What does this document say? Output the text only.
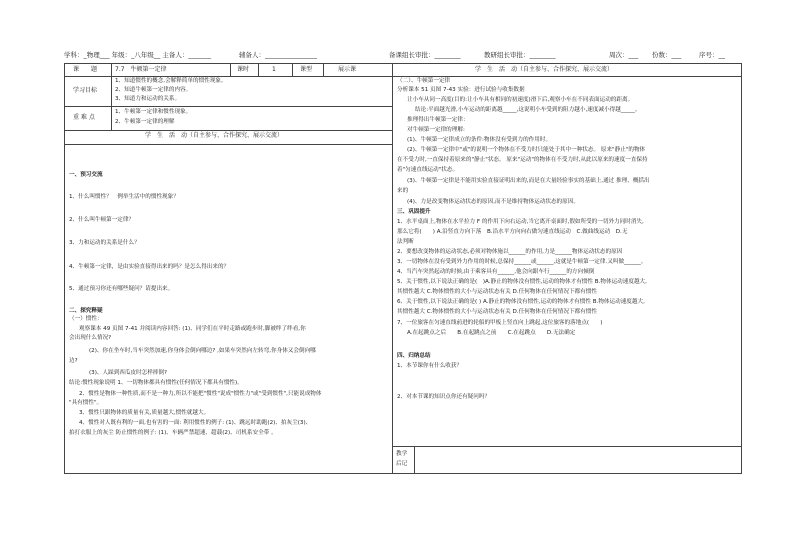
学科：_物理___ 年级：_八年级__ 主备人：_______	辅备人：________________	备课组长审批：________	教研组长审批：________	周次：___ 份数：___	序号：__
课　　题	7.7　牛顿第一定律	课时	1	课型	展示课	学　生　活　动（自主参与、合作探究、展示交流）
学习目标
1、知道惯性的概念,会解释简单的惯性现象。
2、知道牛顿第一定律的内容。
3、知道力和运动的关系。
重 难 点
1、牛顿第一定律和惯性现象。
2、牛顿第一定律的理解
学　生　活　动（自主参与、合作探究、展示交流）
一、预习交流
1、什么叫惯性？　例举生活中的惯性现象？
2、什么叫牛顿第一定律？
3、力和运动的关系是什么？
4、牛顿第一定律，是由实验直接得出来的吗？是怎么得出来的？
5、通过预习你还有哪些疑问？请提出来。
二、探究释疑
（一）惯性：
观察课本 49 页图 7-41 并阅读内容回答: (1)、同学们在平时走路或跑步时,脚被绊了绊看,你
会出现什么情况?
(2)、你在坐车时,当车突然加速,你身体会倒向哪边? ,如果车突然向左转弯,你身体又会倒向哪
边?
(3)、人踩到西瓜皮时怎样摔倒?
结论:惯性现象说明 1、一切物体都具有惯性(任何情况下都具有惯性)。
2、惯性是物体一种性质,而不是一种力,所以不能把"惯性"说成"惯性力"或"受到惯性",只能说成物体
"具有惯性"。
3、惯性只跟物体的质量有关,质量越大,惯性就越大。
4、惯性对人既有利的一面,也有害的一面: 利用惯性的例子: (1)、跳远时助跑(2)、拍灰尘(3)、
拍打衣服上的灰尘 防止惯性的例子: (1)、车辆严禁超速、超载(2)、司机系安全带 。
（二）、牛顿第一定律
分析课本 51 页图 7-43 实验：进行试验与收集数据
让小车从同一高度(目的:让小车具有相同的初速度)滑下后,观察小车在不同表面运动的距离。
结论:平面越光滑,小车运动的距离越_____,这说明小车受到的阻力越小,速度减小得越_____。
推理得出牛顿第一定律：
对牛顿第一定律的理解:
(1)、牛顿第一定律成立的条件:物体没有受到力的作用时。
(2)、牛顿第一定律中"或"的说明一个物体在不受力时只能处于其中一种状态。 原来"静止"的物体
在不受力时,一直保持着原来的"静止"状态。 原来"运动"的物体在不受力时,从此以原来的速度一直保持
着"匀速直线运动"状态。
(3)、牛顿第一定律是不能用实验直接证明出来的,而是在大量经验事实的基础上,通过 推理、概括出
来的
(4)、力是改变物体运动状态的原因,而不是维持物体运动状态的原因。
三、巩固提升
1、水平桌面上,物体在水平拉力 F 的作用下向右运动,当它离开桌面时,假如所受的一切外力同时消失,
那么它将(　　) A.沿竖直方向下落　B.沿水平方向向右做匀速直线运动　C.做曲线运动　D.无
法判断
2、要想改变物体的运动状态,必须对物体施以______的作用,力是______物体运动状态的原因
3、一切物体在没有受到外力作用的时候,总保持______或______,这就是牛顿第一定律.又叫做______。
4、当汽车突然起动的时候,由于乘客具有______,他会向跟车行______的方向倾倒
5、关于惯性,以下说法正确的是(　)A.静止的物体没有惯性,运动的物体才有惯性 B.物体运动速度越大,
其惯性越大 C.物体惯性的大小与运动状态有关 D.任何物体在任何情况下都有惯性
6、关于惯性,以下说法正确的是( ) A.静止的物体没有惯性,运动的物体才有惯性 B.物体运动速度越大,
其惯性越大 C.物体惯性的大小与运动状态有关 D.任何物体在任何情况下都有惯性
7、一位旅客在匀速直线前进的轮船的甲板上竖直向上跳起,这位旅客的落地点(　　)
A.在起跳点之后　　B.在起跳点之前　　C.在起跳点　　D.无法确定
四、归纳总结
1、本节课你有什么收获？
2、对本节课的知识点你还有疑问吗？
教学后记
